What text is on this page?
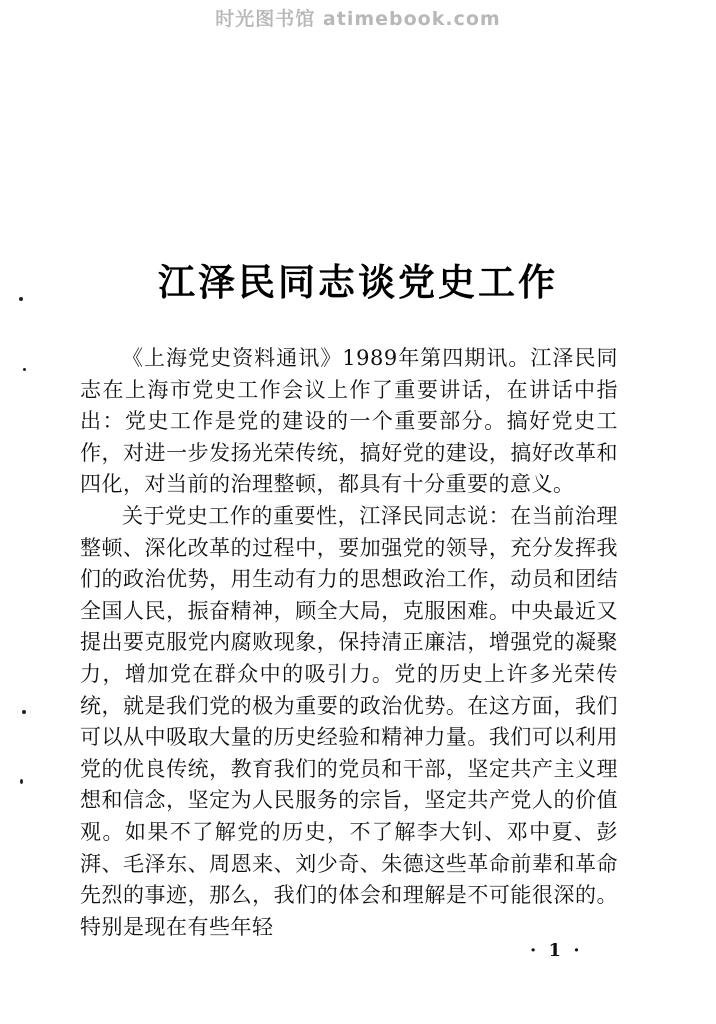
时光图书馆 atimebook.com
江泽民同志谈党史工作

《上海党史资料通讯》1989年第四期讯。江泽民同志在上海市党史工作会议上作了重要讲话，在讲话中指出：党史工作是党的建设的一个重要部分。搞好党史工作，对进一步发扬光荣传统，搞好党的建设，搞好改革和四化，对当前的治理整顿，都具有十分重要的意义。

关于党史工作的重要性，江泽民同志说：在当前治理整顿、深化改革的过程中，要加强党的领导，充分发挥我们的政治优势，用生动有力的思想政治工作，动员和团结全国人民，振奋精神，顾全大局，克服困难。中央最近又提出要克服党内腐败现象，保持清正廉洁，增强党的凝聚力，增加党在群众中的吸引力。党的历史上许多光荣传统，就是我们党的极为重要的政治优势。在这方面，我们可以从中吸取大量的历史经验和精神力量。我们可以利用党的优良传统，教育我们的党员和干部，坚定共产主义理想和信念，坚定为人民服务的宗旨，坚定共产党人的价值观。如果不了解党的历史，不了解李大钊、邓中夏、彭湃、毛泽东、周恩来、刘少奇、朱德这些革命前辈和革命先烈的事迹，那么，我们的体会和理解是不可能很深的。特别是现在有些年轻

· 1 ·
